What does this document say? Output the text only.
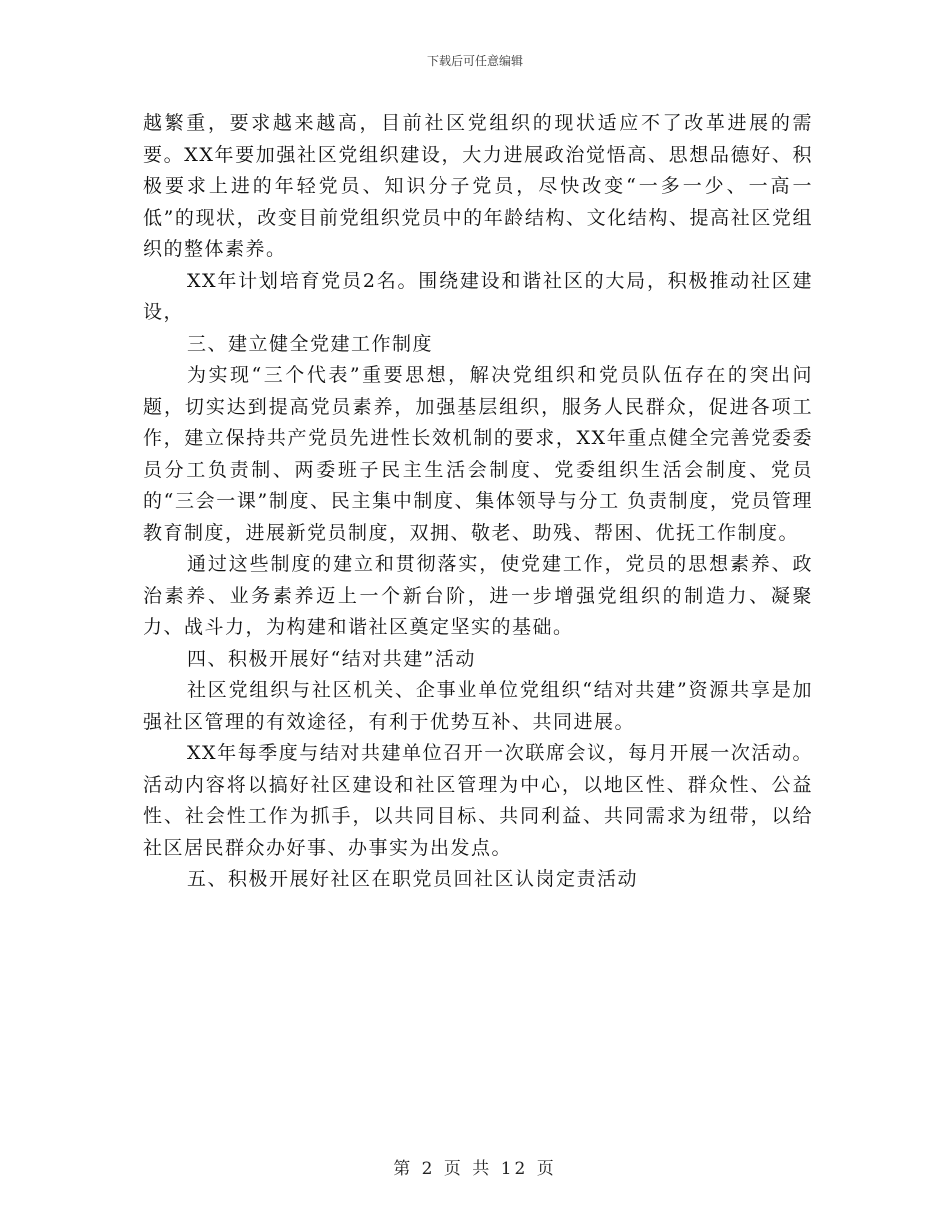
下载后可任意编辑

越繁重，要求越来越高，目前社区党组织的现状适应不了改革进展的需要。XX年要加强社区党组织建设，大力进展政治觉悟高、思想品德好、积极要求上进的年轻党员、知识分子党员，尽快改变“一多一少、一高一低”的现状，改变目前党组织党员中的年龄结构、文化结构、提高社区党组织的整体素养。

XX年计划培育党员2名。围绕建设和谐社区的大局，积极推动社区建设，

三、建立健全党建工作制度

为实现“三个代表”重要思想，解决党组织和党员队伍存在的突出问题，切实达到提高党员素养，加强基层组织，服务人民群众，促进各项工作，建立保持共产党员先进性长效机制的要求，XX年重点健全完善党委委员分工负责制、两委班子民主生活会制度、党委组织生活会制度、党员的“三会一课”制度、民主集中制度、集体领导与分工 负责制度，党员管理教育制度，进展新党员制度，双拥、敬老、助残、帮困、优抚工作制度。

通过这些制度的建立和贯彻落实，使党建工作，党员的思想素养、政治素养、业务素养迈上一个新台阶，进一步增强党组织的制造力、凝聚力、战斗力，为构建和谐社区奠定坚实的基础。

四、积极开展好“结对共建”活动

社区党组织与社区机关、企事业单位党组织“结对共建”资源共享是加强社区管理的有效途径，有利于优势互补、共同进展。

XX年每季度与结对共建单位召开一次联席会议，每月开展一次活动。活动内容将以搞好社区建设和社区管理为中心，以地区性、群众性、公益性、社会性工作为抓手，以共同目标、共同利益、共同需求为纽带，以给社区居民群众办好事、办事实为出发点。

五、积极开展好社区在职党员回社区认岗定责活动

第 2 页 共 12 页
